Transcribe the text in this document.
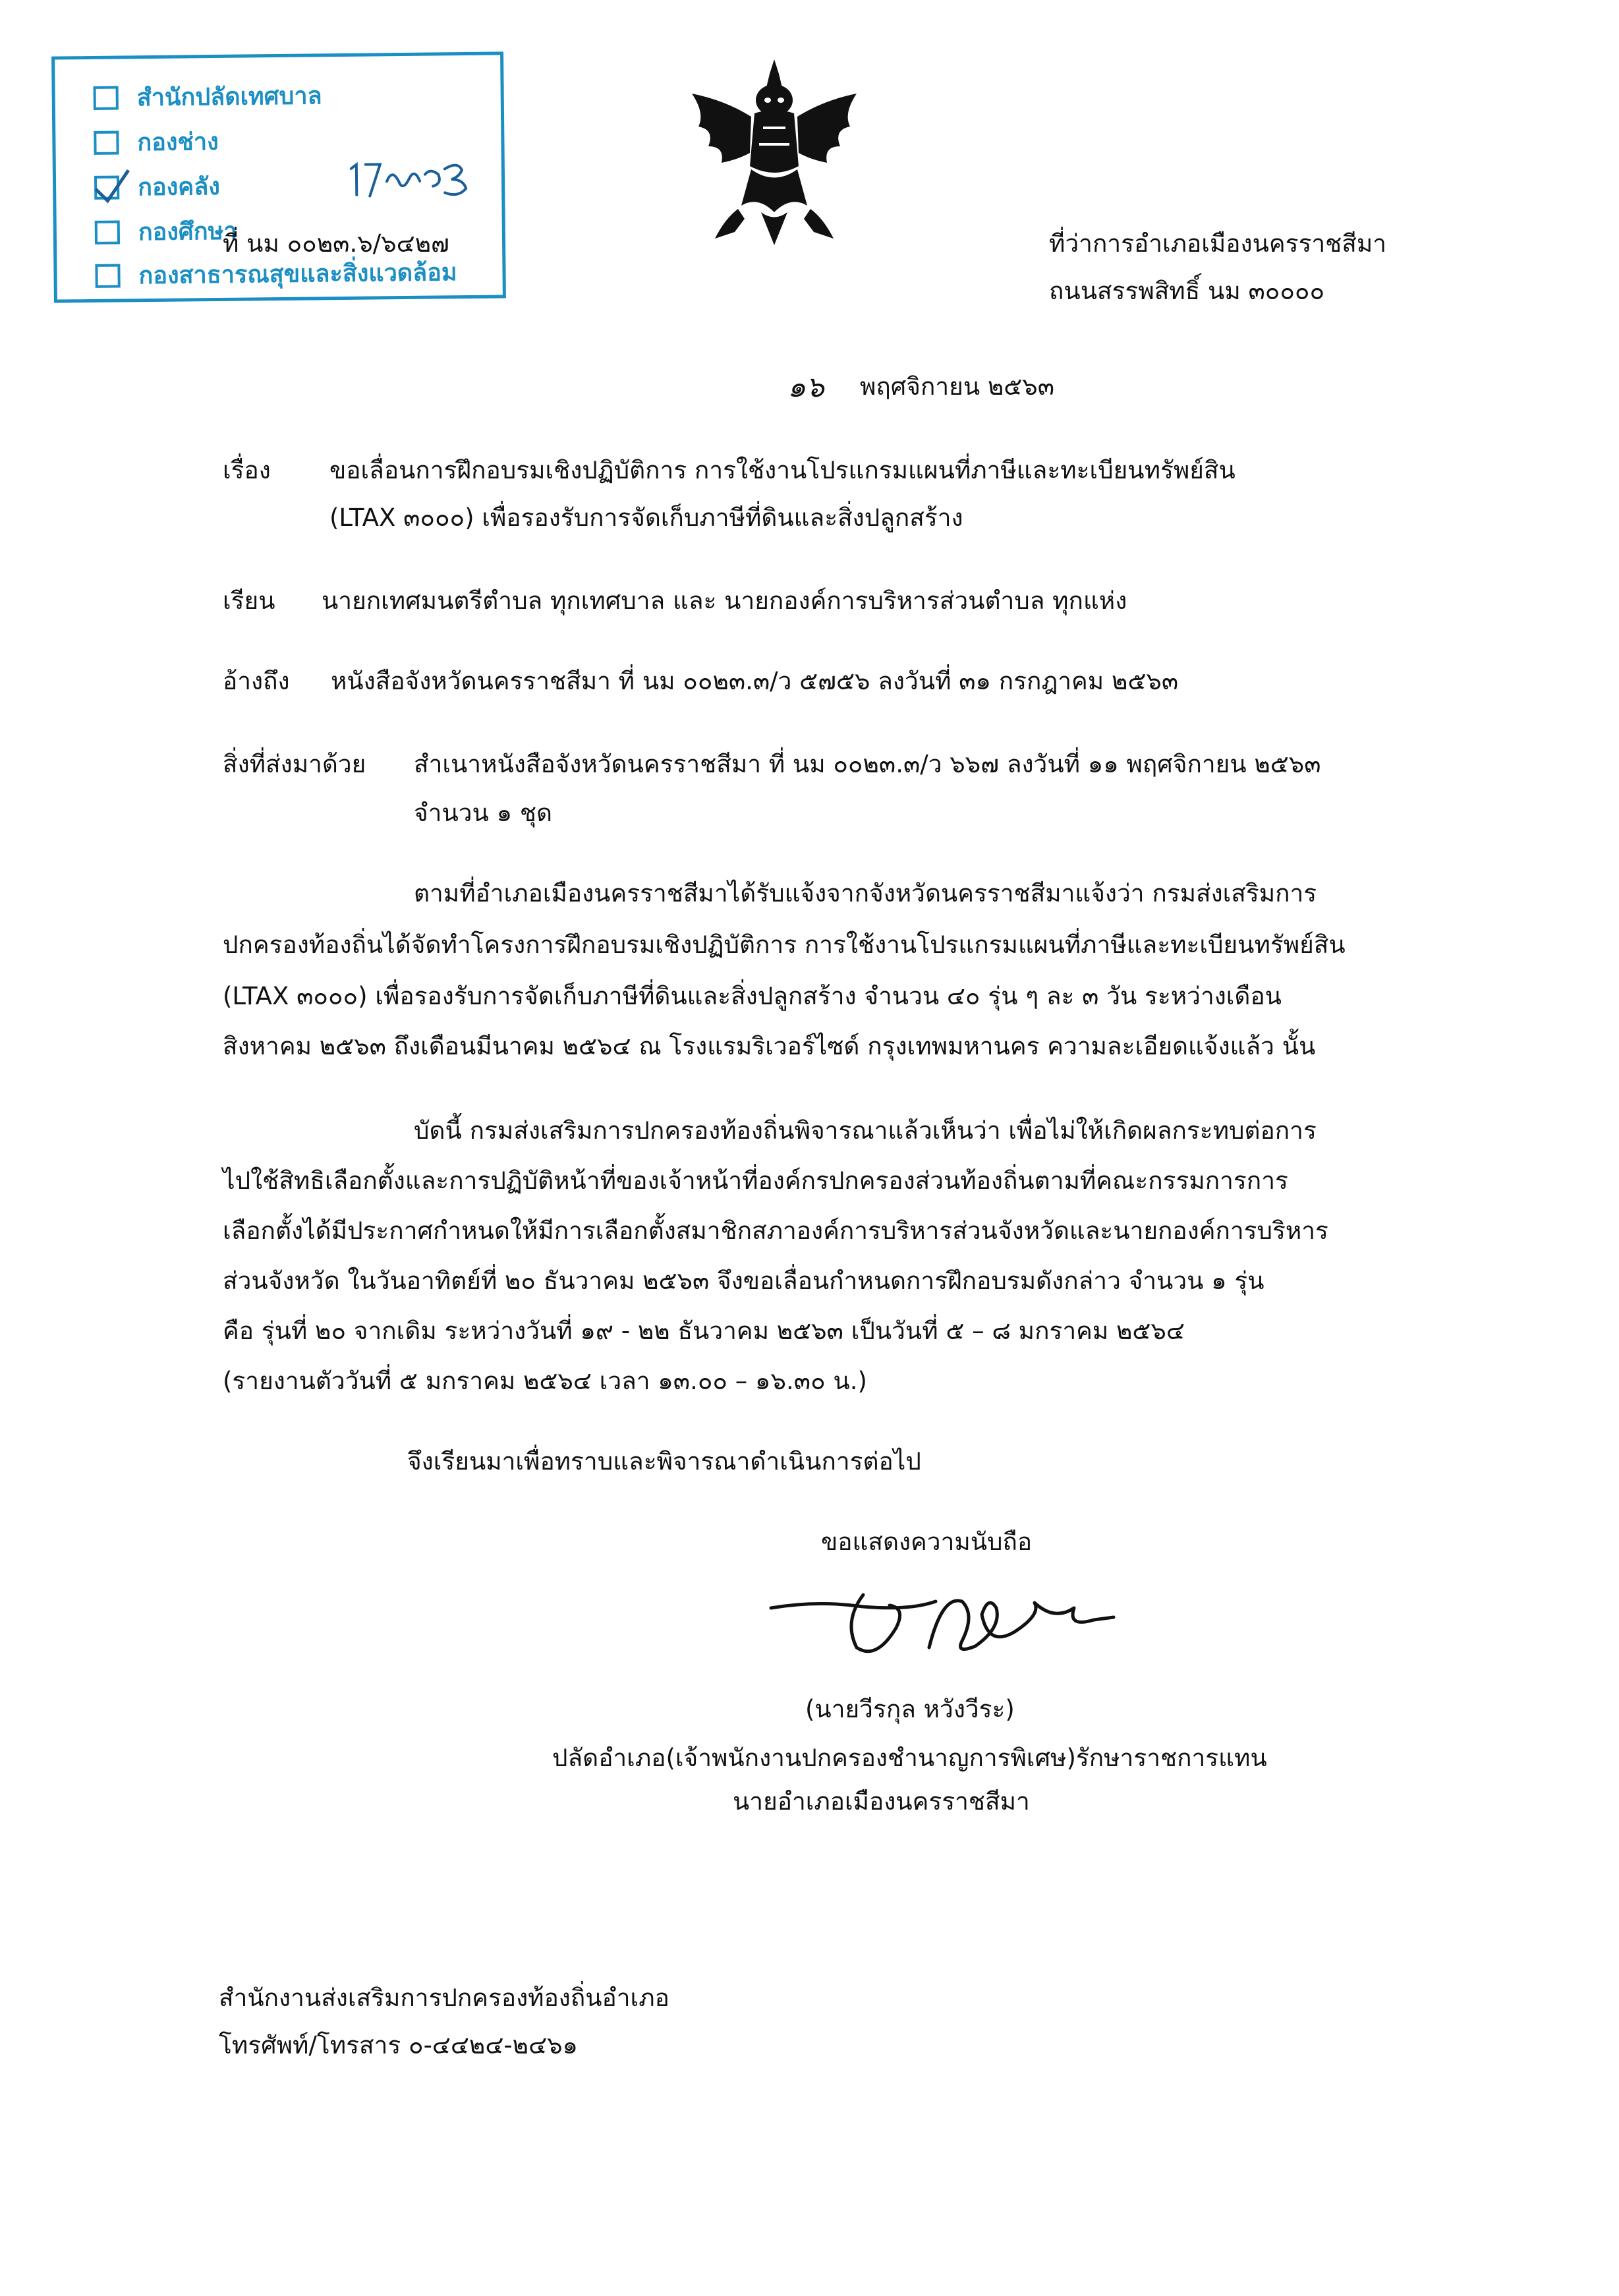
สำนักปลัดเทศบาล
กองช่าง
กองคลัง
กองศึกษา
กองสาธารณสุขและสิ่งแวดล้อม
ที่ นม ๐๐๒๓.๖/๖๔๒๗	ที่ว่าการอำเภอเมืองนครราชสีมา
ถนนสรรพสิทธิ์ นม ๓๐๐๐๐
๑๖ พฤศจิกายน ๒๕๖๓
เรื่อง ขอเลื่อนการฝึกอบรมเชิงปฏิบัติการ การใช้งานโปรแกรมแผนที่ภาษีและทะเบียนทรัพย์สิน
(LTAX ๓๐๐๐) เพื่อรองรับการจัดเก็บภาษีที่ดินและสิ่งปลูกสร้าง
เรียน นายกเทศมนตรีตำบล ทุกเทศบาล และ นายกองค์การบริหารส่วนตำบล ทุกแห่ง
อ้างถึง หนังสือจังหวัดนครราชสีมา ที่ นม ๐๐๒๓.๓/ว ๕๗๕๖ ลงวันที่ ๓๑ กรกฎาคม ๒๕๖๓
สิ่งที่ส่งมาด้วย สำเนาหนังสือจังหวัดนครราชสีมา ที่ นม ๐๐๒๓.๓/ว ๖๖๗ ลงวันที่ ๑๑ พฤศจิกายน ๒๕๖๓
จำนวน ๑ ชุด
ตามที่อำเภอเมืองนครราชสีมาได้รับแจ้งจากจังหวัดนครราชสีมาแจ้งว่า กรมส่งเสริมการ
ปกครองท้องถิ่นได้จัดทำโครงการฝึกอบรมเชิงปฏิบัติการ การใช้งานโปรแกรมแผนที่ภาษีและทะเบียนทรัพย์สิน
(LTAX ๓๐๐๐) เพื่อรองรับการจัดเก็บภาษีที่ดินและสิ่งปลูกสร้าง จำนวน ๔๐ รุ่น ๆ ละ ๓ วัน ระหว่างเดือน
สิงหาคม ๒๕๖๓ ถึงเดือนมีนาคม ๒๕๖๔ ณ โรงแรมริเวอร์ไซด์ กรุงเทพมหานคร ความละเอียดแจ้งแล้ว นั้น
บัดนี้ กรมส่งเสริมการปกครองท้องถิ่นพิจารณาแล้วเห็นว่า เพื่อไม่ให้เกิดผลกระทบต่อการ
ไปใช้สิทธิเลือกตั้งและการปฏิบัติหน้าที่ของเจ้าหน้าที่องค์กรปกครองส่วนท้องถิ่นตามที่คณะกรรมการการ
เลือกตั้งได้มีประกาศกำหนดให้มีการเลือกตั้งสมาชิกสภาองค์การบริหารส่วนจังหวัดและนายกองค์การบริหาร
ส่วนจังหวัด ในวันอาทิตย์ที่ ๒๐ ธันวาคม ๒๕๖๓ จึงขอเลื่อนกำหนดการฝึกอบรมดังกล่าว จำนวน ๑ รุ่น
คือ รุ่นที่ ๒๐ จากเดิม ระหว่างวันที่ ๑๙ - ๒๒ ธันวาคม ๒๕๖๓ เป็นวันที่ ๕ – ๘ มกราคม ๒๕๖๔
(รายงานตัววันที่ ๕ มกราคม ๒๕๖๔ เวลา ๑๓.๐๐ – ๑๖.๓๐ น.)
จึงเรียนมาเพื่อทราบและพิจารณาดำเนินการต่อไป
ขอแสดงความนับถือ
(นายวีรกุล หวังวีระ)
ปลัดอำเภอ(เจ้าพนักงานปกครองชำนาญการพิเศษ)รักษาราชการแทน
นายอำเภอเมืองนครราชสีมา
สำนักงานส่งเสริมการปกครองท้องถิ่นอำเภอ
โทรศัพท์/โทรสาร ๐-๔๔๒๔-๒๔๖๑
